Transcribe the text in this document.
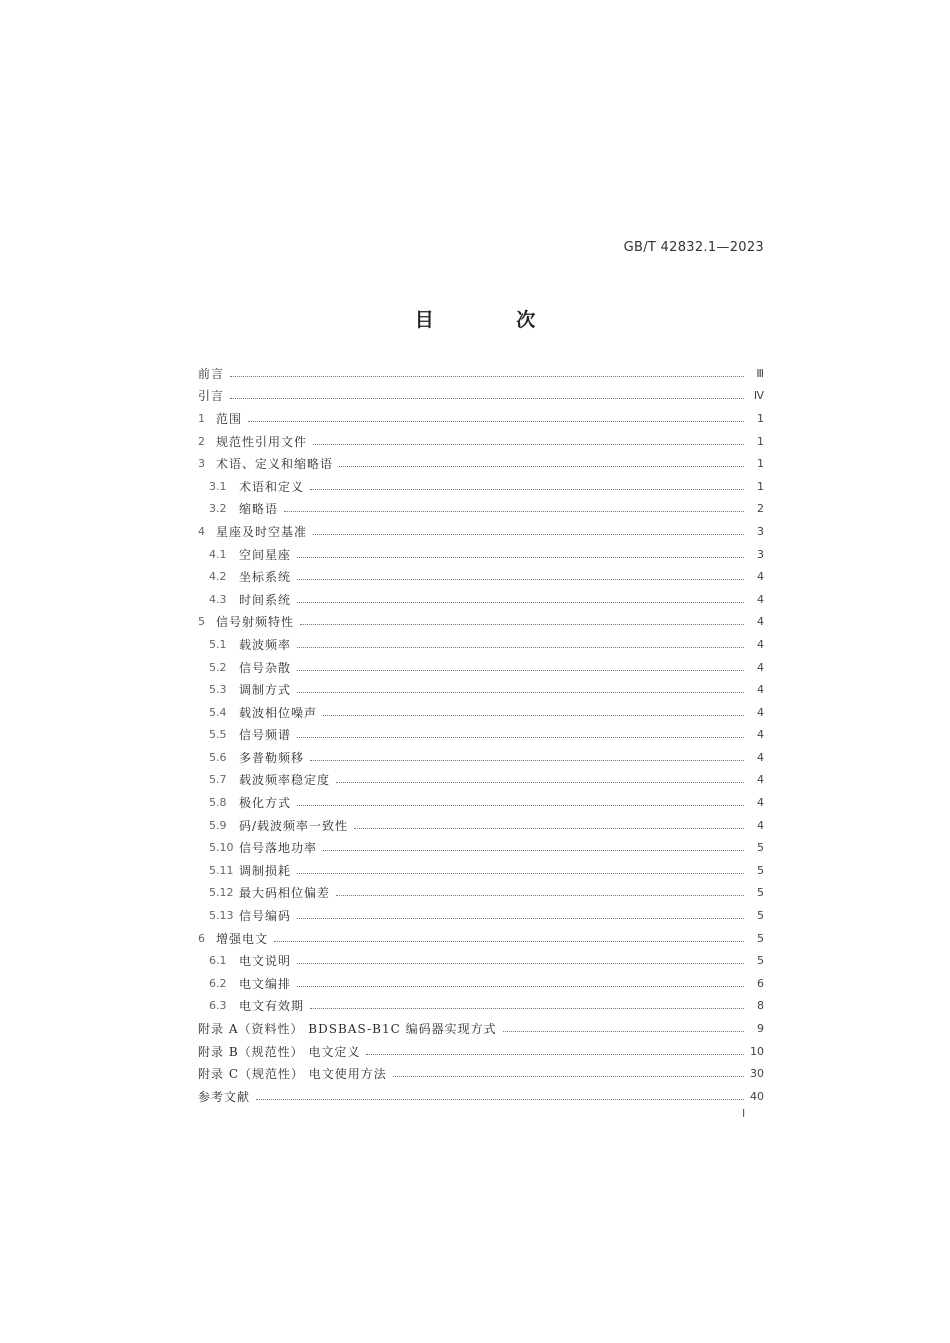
GB/T 42832.1—2023
目 次
前言	Ⅲ
引言	Ⅳ
1 范围	1
2 规范性引用文件	1
3 术语、定义和缩略语	1
3.1	术语和定义	1
3.2	缩略语	2
4 星座及时空基准	3
4.1	空间星座	3
4.2	坐标系统	4
4.3	时间系统	4
5 信号射频特性	4
5.1	载波频率	4
5.2	信号杂散	4
5.3	调制方式	4
5.4	载波相位噪声	4
5.5	信号频谱	4
5.6	多普勒频移	4
5.7	载波频率稳定度	4
5.8	极化方式	4
5.9	码/载波频率一致性	4
5.10 信号落地功率	5
5.11 调制损耗	5
5.12 最大码相位偏差	5
5.13 信号编码	5
6 增强电文	5
6.1	电文说明	5
6.2	电文编排	6
6.3	电文有效期	8
附录 A（资料性） BDSBAS-B1C 编码器实现方式	9
附录 B（规范性） 电文定义	10
附录 C（规范性） 电文使用方法	30
参考文献	40
I
